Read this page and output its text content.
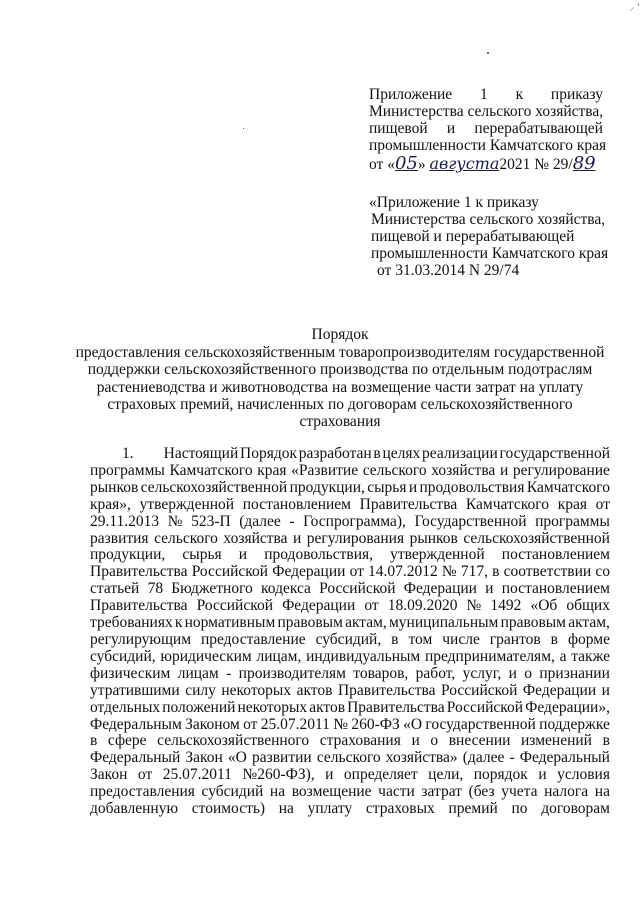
⸝ ʻ
Приложение 1 к приказу
Министерства сельского хозяйства,
пищевой и перерабатывающей
промышленности Камчатского края
от «05» августа2021 № 29/89
«Приложение 1 к приказу
Министерства сельского хозяйства,
пищевой и перерабатывающей
промышленности Камчатского края
от 31.03.2014 N 29/74
Порядок
предоставления сельскохозяйственным товаропроизводителям государственной
поддержки сельскохозяйственного производства по отдельным подотраслям
растениеводства и животноводства на возмещение части затрат на уплату
страховых премий, начисленных по договорам сельскохозяйственного
страхования
1. Настоящий Порядок разработан в целях реализации государственной
программы Камчатского края «Развитие сельского хозяйства и регулирование
рынков сельскохозяйственной продукции, сырья и продовольствия Камчатского
края», утвержденной постановлением Правительства Камчатского края от
29.11.2013 № 523-П (далее - Госпрограмма), Государственной программы
развития сельского хозяйства и регулирования рынков сельскохозяйственной
продукции, сырья и продовольствия, утвержденной постановлением
Правительства Российской Федерации от 14.07.2012 № 717, в соответствии со
статьей 78 Бюджетного кодекса Российской Федерации и постановлением
Правительства Российской Федерации от 18.09.2020 № 1492 «Об общих
требованиях к нормативным правовым актам, муниципальным правовым актам,
регулирующим предоставление субсидий, в том числе грантов в форме
субсидий, юридическим лицам, индивидуальным предпринимателям, а также
физическим лицам - производителям товаров, работ, услуг, и о признании
утратившими силу некоторых актов Правительства Российской Федерации и
отдельных положений некоторых актов Правительства Российской Федерации»,
Федеральным Законом от 25.07.2011 № 260-ФЗ «О государственной поддержке
в сфере сельскохозяйственного страхования и о внесении изменений в
Федеральный Закон «О развитии сельского хозяйства» (далее - Федеральный
Закон от 25.07.2011 №260-ФЗ), и определяет цели, порядок и условия
предоставления субсидий на возмещение части затрат (без учета налога на
добавленную стоимость) на уплату страховых премий по договорам
